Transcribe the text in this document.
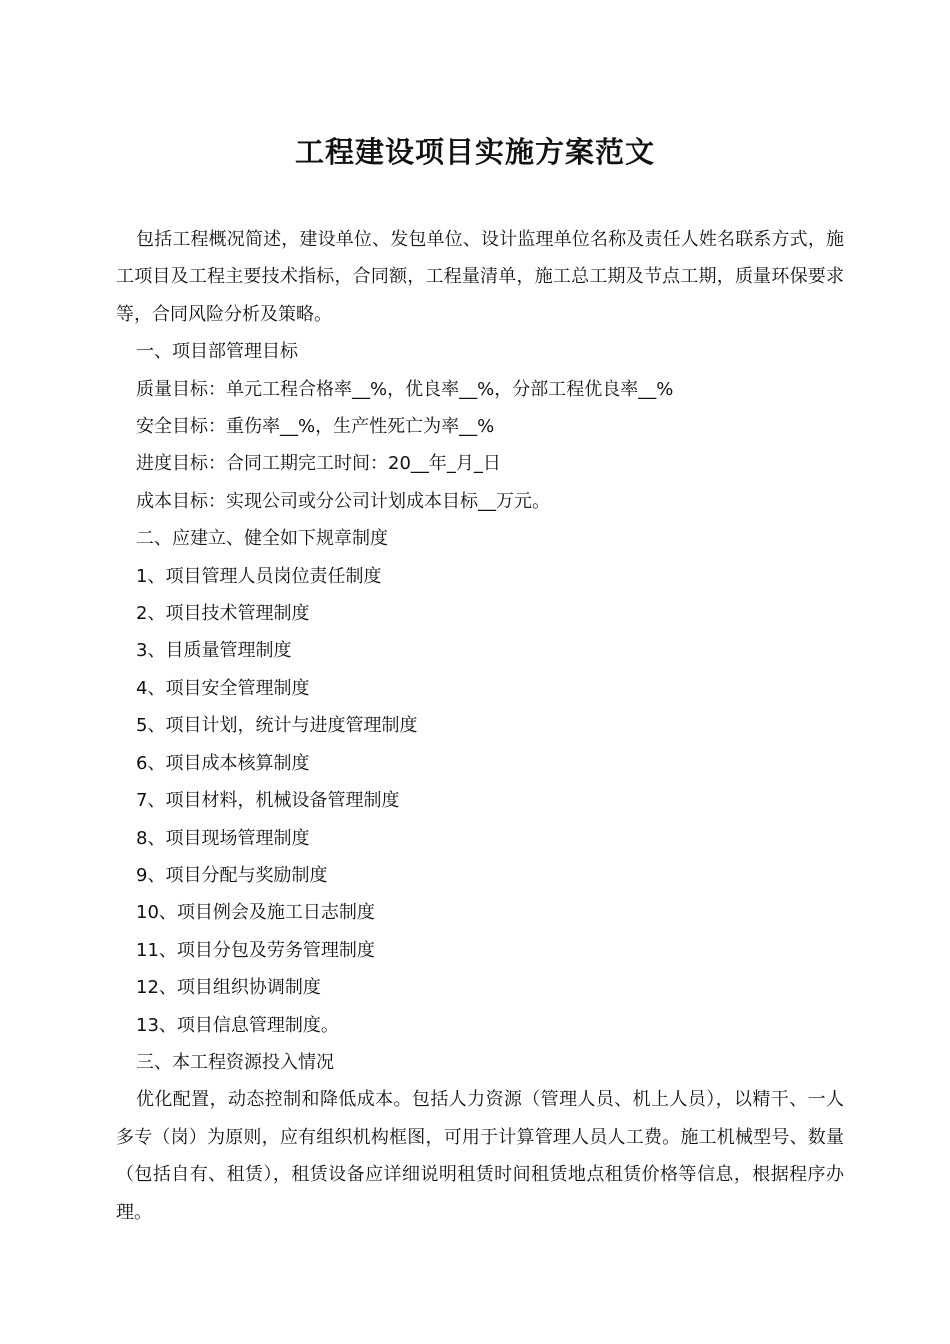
工程建设项目实施方案范文

包括工程概况简述，建设单位、发包单位、设计监理单位名称及责任人姓名联系方式，施工项目及工程主要技术指标，合同额，工程量清单，施工总工期及节点工期，质量环保要求等，合同风险分析及策略。

一、项目部管理目标

质量目标：单元工程合格率__%，优良率__%，分部工程优良率__%

安全目标：重伤率__%，生产性死亡为率__%

进度目标：合同工期完工时间：20__年_月_日

成本目标：实现公司或分公司计划成本目标__万元。

二、应建立、健全如下规章制度

1、项目管理人员岗位责任制度

2、项目技术管理制度

3、目质量管理制度

4、项目安全管理制度

5、项目计划，统计与进度管理制度

6、项目成本核算制度

7、项目材料，机械设备管理制度

8、项目现场管理制度

9、项目分配与奖励制度

10、项目例会及施工日志制度

11、项目分包及劳务管理制度

12、项目组织协调制度

13、项目信息管理制度。

三、本工程资源投入情况

优化配置，动态控制和降低成本。包括人力资源（管理人员、机上人员），以精干、一人多专（岗）为原则，应有组织机构框图，可用于计算管理人员人工费。施工机械型号、数量（包括自有、租赁），租赁设备应详细说明租赁时间租赁地点租赁价格等信息，根据程序办理。
